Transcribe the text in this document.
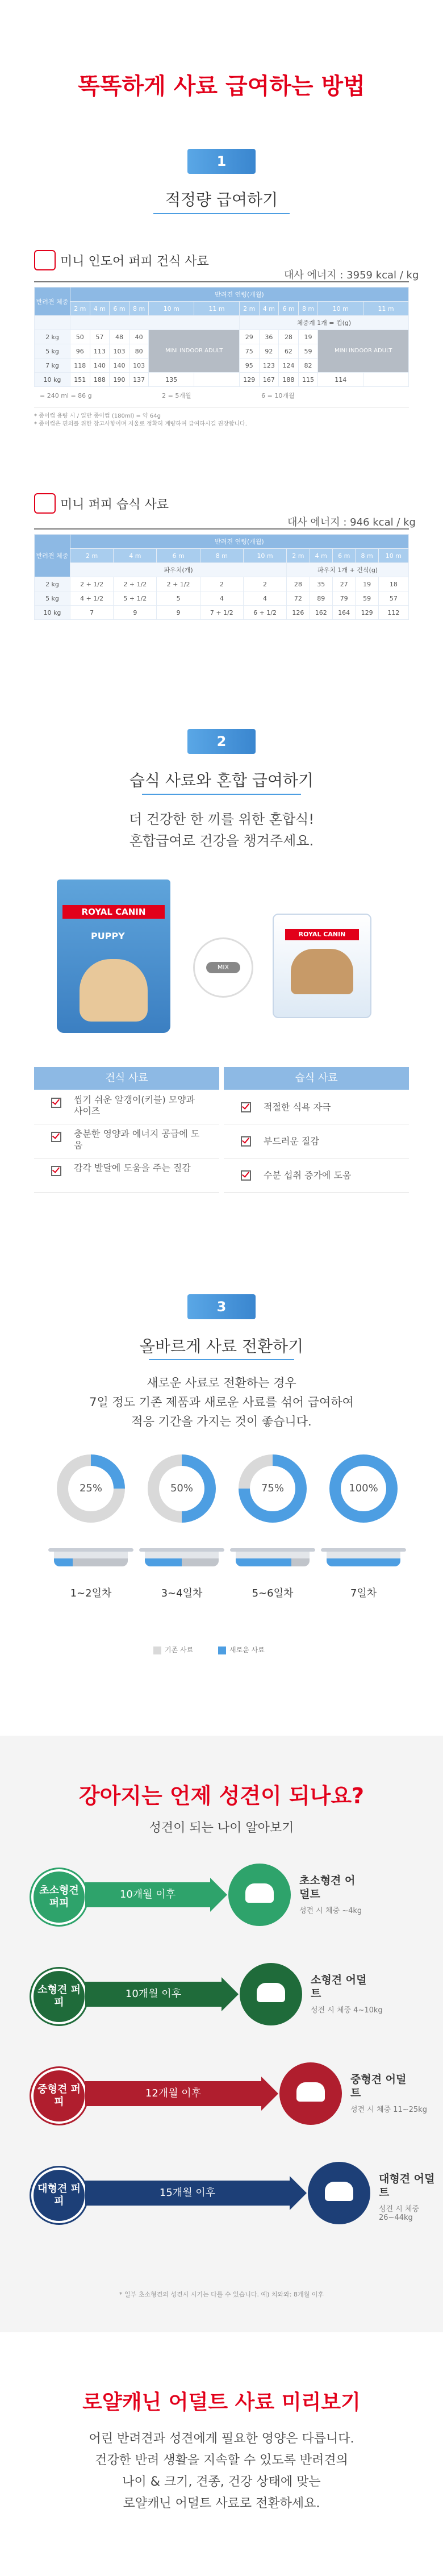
똑똑하게 사료 급여하는 방법
1
적정량 급여하기
미니 인도어 퍼피 건식 사료
대사 에너지 : 3959 kcal / kg
반려견 체중	반려견 연령(개월)											
	2 m	4 m	6 m	8 m	10 m	11 m	2 m	4 m	6 m	8 m	10 m	11 m
							체중계 1개 = 컵(g)					
2 kg	50	57	48	40	MINI INDOOR ADULT		29	36	28	19	MINI INDOOR ADULT	
5 kg	96	113	103	80			75	92	62	59		
7 kg	118	140	140	103			95	123	124	82		
10 kg	151	188	190	137	135		129	167	188	115	114	
= 240 ml = 86 g	2 = 5개월	6 = 10개월
* 종이컵 용량 시 / 일반 종이컵 (180ml) = 약 64g
* 종이컵은 편의를 위한 참고사항이며 저울로 정확히 계량하여 급여하시길 권장합니다.
미니 퍼피 습식 사료
대사 에너지 : 946 kcal / kg
반려견 체중	반려견 연령(개월)									
	2 m	4 m	6 m	8 m	10 m	2 m	4 m	6 m	8 m	10 m
	파우치(개)					파우치 1개 + 건식(g)				
2 kg	2 + 1/2	2 + 1/2	2 + 1/2	2	2	28	35	27	19	18
5 kg	4 + 1/2	5 + 1/2	5	4	4	72	89	79	59	57
10 kg	7	9	9	7 + 1/2	6 + 1/2	126	162	164	129	112
2
습식 사료와 혼합 급여하기
더 건강한 한 끼를 위한 혼합식!
혼합급여로 건강을 챙겨주세요.
ROYAL CANIN
PUPPY
MIX
ROYAL CANIN
건식 사료	습식 사료
씹기 쉬운 알갱이(키블) 모양과 사이즈
충분한 영양과 에너지 공급에 도움
감각 발달에 도움을 주는 질감
적절한 식욕 자극
부드러운 질감
수분 섭취 증가에 도움
3
올바르게 사료 전환하기
새로운 사료로 전환하는 경우
7일 정도 기존 제품과 새로운 사료를 섞어 급여하여
적응 기간을 가지는 것이 좋습니다.
25%
1~2일차
50%
3~4일차
75%
5~6일차
100%
7일차
기존 사료	새로운 사료
강아지는 언제 성견이 되나요?
성견이 되는 나이 알아보기
초소형견 퍼피
10개월 이후
초소형견 어덜트
성견 시 체중 ~4kg
소형견 퍼피
10개월 이후
소형견 어덜트
성견 시 체중 4~10kg
중형견 퍼피
12개월 이후
중형견 어덜트
성견 시 체중 11~25kg
대형견 퍼피
15개월 이후
대형견 어덜트
성견 시 체중 26~44kg
* 일부 초소형견의 성견시 시기는 다를 수 있습니다. 예) 치와와: 8개월 이후
로얄캐닌 어덜트 사료 미리보기
어린 반려견과 성견에게 필요한 영양은 다릅니다.
건강한 반려 생활을 지속할 수 있도록 반려견의
나이 & 크기, 견종, 건강 상태에 맞는
로얄캐닌 어덜트 사료로 전환하세요.
